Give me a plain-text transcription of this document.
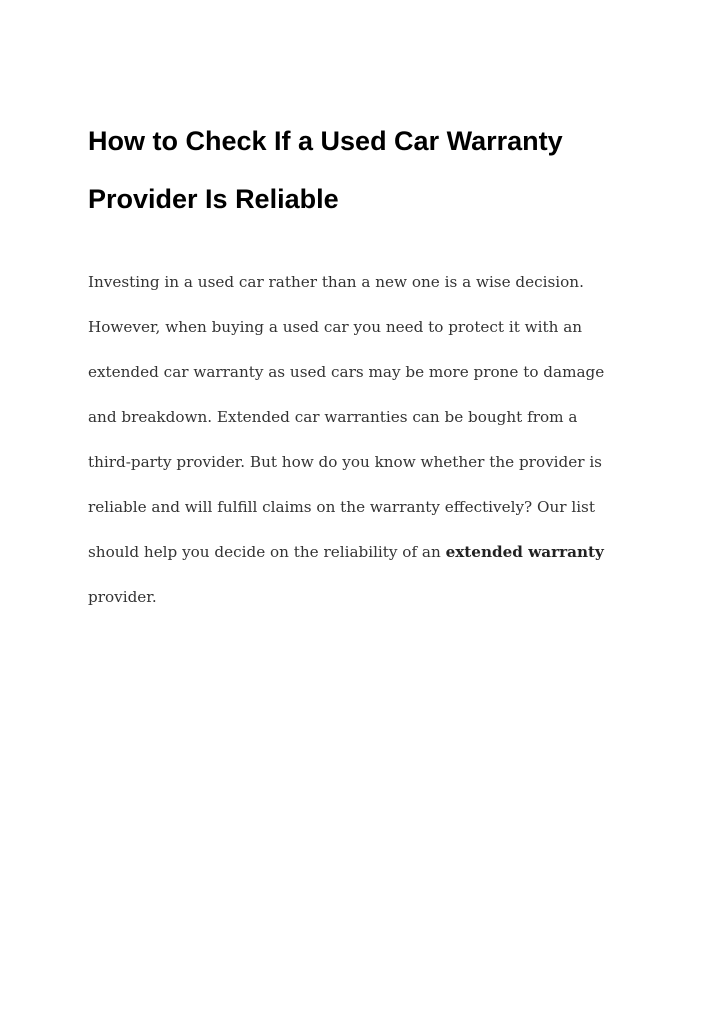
How to Check If a Used Car Warranty
Provider Is Reliable

Investing in a used car rather than a new one is a wise decision.
However, when buying a used car you need to protect it with an
extended car warranty as used cars may be more prone to damage
and breakdown. Extended car warranties can be bought from a
third-party provider. But how do you know whether the provider is
reliable and will fulfill claims on the warranty effectively? Our list
should help you decide on the reliability of an extended warranty
provider.
